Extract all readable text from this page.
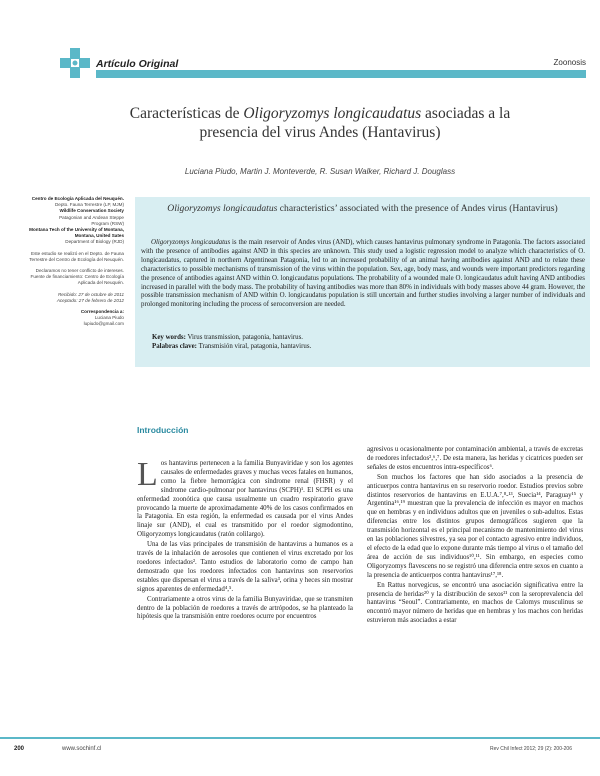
Artículo Original	Zoonosis
Características de Oligoryzomys longicaudatus asociadas a la presencia del virus Andes (Hantavirus)
Luciana Piudo, Martin J. Monteverde, R. Susan Walker, Richard J. Douglass
Centro de Ecología Aplicada del Neuquén.
Depto. Fauna Terrestre (LP, MJM)
Wildlife Conservation Society
Patagonian and Andean Steppe
Program (RSW)
Montana Tech of the University of Montana, Montana, United Sates
Department of Biology (RJD)
Este estudio se realizó en el Depto. de Fauna Terrestre del Centro de Ecología del Neuquén.
Declaramos no tener conflicto de intereses.
Fuente de financiamiento: Centro de Ecología Aplicada del Neuquén.
Recibido: 27 de octubre de 2011
Aceptado: 27 de febrero de 2012
Correspondencia a:
Luciana Piudo
lupiudo@gmail.com
Oligoryzomys longicaudatus characteristics’ associated with the presence of Andes virus (Hantavirus)

Oligoryzomys longicaudatus is the main reservoir of Andes virus (AND), which causes hantavirus pulmonary syndrome in Patagonia. The factors associated with the presence of antibodies against AND in this species are unknown. This study used a logistic regression model to analyze which characteristics of O. longicaudatus, captured in northern Argentinean Patagonia, led to an increased probability of an animal having antibodies against AND and to relate these characteristics to possible mechanisms of transmission of the virus within the population. Sex, age, body mass, and wounds were important predictors regarding the presence of antibodies against AND within O. longicaudatus populations. The probability of a wounded male O. longicaudatus adult having AND antibodies increased in parallel with the body mass. The probability of having antibodies was more than 80% in individuals with body masses above 44 gram. However, the possible transmission mechanism of AND within O. longicaudatus population is still uncertain and further studies involving a larger number of individuals and prolonged monitoring including the process of seroconversion are needed.

Key words: Virus transmission, patagonia, hantavirus.
Palabras clave: Transmisión viral, patagonia, hantavirus.
Introducción

Los hantavirus pertenecen a la familia Bunyaviridae y son los agentes causales de enfermedades graves y muchas veces fatales en humanos, como la fiebre hemorrágica con síndrome renal (FHSR) y el síndrome cardio-pulmonar por hantavirus (SCPH)¹. El SCPH es una enfermedad zoonótica que causa usualmente un cuadro respiratorio grave provocando la muerte de aproximadamente 40% de los casos confirmados en la Patagonia. En esta región, la enfermedad es causada por el virus Andes linaje sur (AND), el cual es transmitido por el roedor sigmodontino, Oligoryzomys longicaudatus (ratón colilargo).

Una de las vías principales de transmisión de hantavirus a humanos es a través de la inhalación de aerosoles que contienen el virus excretado por los roedores infectados². Tanto estudios de laboratorio como de campo han demostrado que los roedores infectados con hantavirus son reservorios estables que dispersan el virus a través de la saliva³, orina y heces sin mostrar signos aparentes de enfermedad⁴,⁵.

Contrariamente a otros virus de la familia Bunyaviridae, que se transmiten dentro de la población de roedores a través de artrópodos, se ha planteado la hipótesis que la transmisión entre roedores ocurre por encuentros

agresivos u ocasionalmente por contaminación ambiental, a través de excretas de roedores infectados²,⁶,⁷. De esta manera, las heridas y cicatrices pueden ser señales de estos encuentros intra-específicos⁶.

Son muchos los factores que han sido asociados a la presencia de anticuerpos contra hantavirus en su reservorio roedor. Estudios previos sobre distintos reservorios de hantavirus en E.U.A.⁷,⁸-¹³, Suecia¹⁴, Paraguay¹⁵ y Argentina¹⁶,¹⁹ muestran que la prevalencia de infección es mayor en machos que en hembras y en individuos adultos que en juveniles o sub-adultos. Estas diferencias entre los distintos grupos demográficos sugieren que la transmisión horizontal es el principal mecanismo de mantenimiento del virus en las poblaciones silvestres, ya sea por el contacto agresivo entre individuos, el efecto de la edad que lo expone durante más tiempo al virus o el tamaño del área de acción de sus individuos¹⁰,¹¹. Sin embargo, en especies como Oligoryzomys flavescens no se registró una diferencia entre sexos en cuanto a la presencia de anticuerpos contra hantavirus¹⁷,¹⁸.

En Rattus norvegicus, se encontró una asociación significativa entre la presencia de heridas²⁰ y la distribución de sexos²¹ con la seroprevalencia del hantavirus “Seoul”. Contrariamente, en machos de Calomys musculinus se encontró mayor número de heridas que en hembras y los machos con heridas estuvieron más asociados a estar

200	www.sochinf.cl	Rev Chil Infect 2012; 29 (2): 200-206
